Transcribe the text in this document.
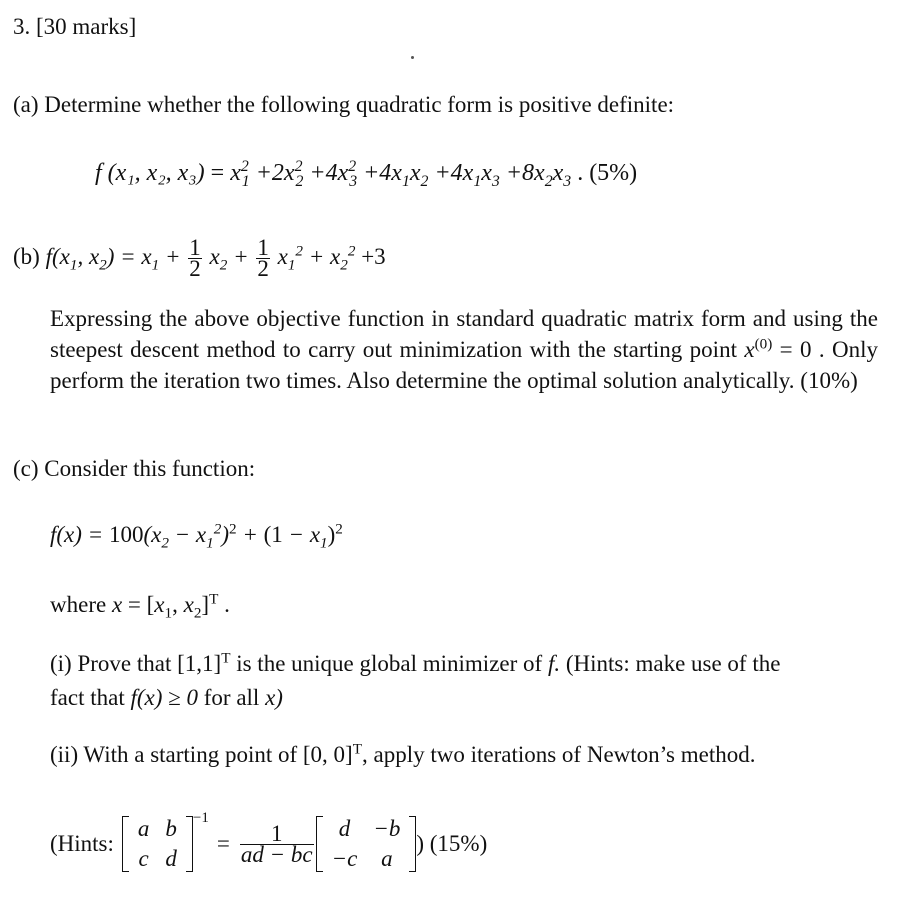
3. [30 marks]
(a) Determine whether the following quadratic form is positive definite:
f (x₁, x₂, $x_3) = x^2_1 +2x^2_2 +4x^2_3 +4x_1x_2 +4x_1x_3 +8x_2x_3$ . (5%)
(b) $f(x_1$, $x_2) = x_1 + \frac{1}{2} x_2 + \frac{1}{2} x_1^2 + x_2^2 +3$
Expressing the above objective function in standard quadratic matrix form and using the steepest descent method to carry out minimization with the starting point $x^{(0)} = 0$ . Only perform the iteration two times. Also determine the optimal solution analytically. (10%)
(c) Consider this function:
$f(x) = 100(x_2 - x_1^2)^2 + (1 - x_1)^2$
where $x = [x_1$, $x_2]^T$ .
(i) Prove that $[1,1]^T$ is the unique global minimizer of f. (Hints: make use of the
fact that f(x) ≥ 0 for all x)
(ii) With a starting point of [0, 0]$^T$, apply two iterations of Newton’s method.
(Hints:
a	b
c	d
$^{-1}$
= $\frac{1}{ad - bc}$ d	−b
−c	a
) (15%)
